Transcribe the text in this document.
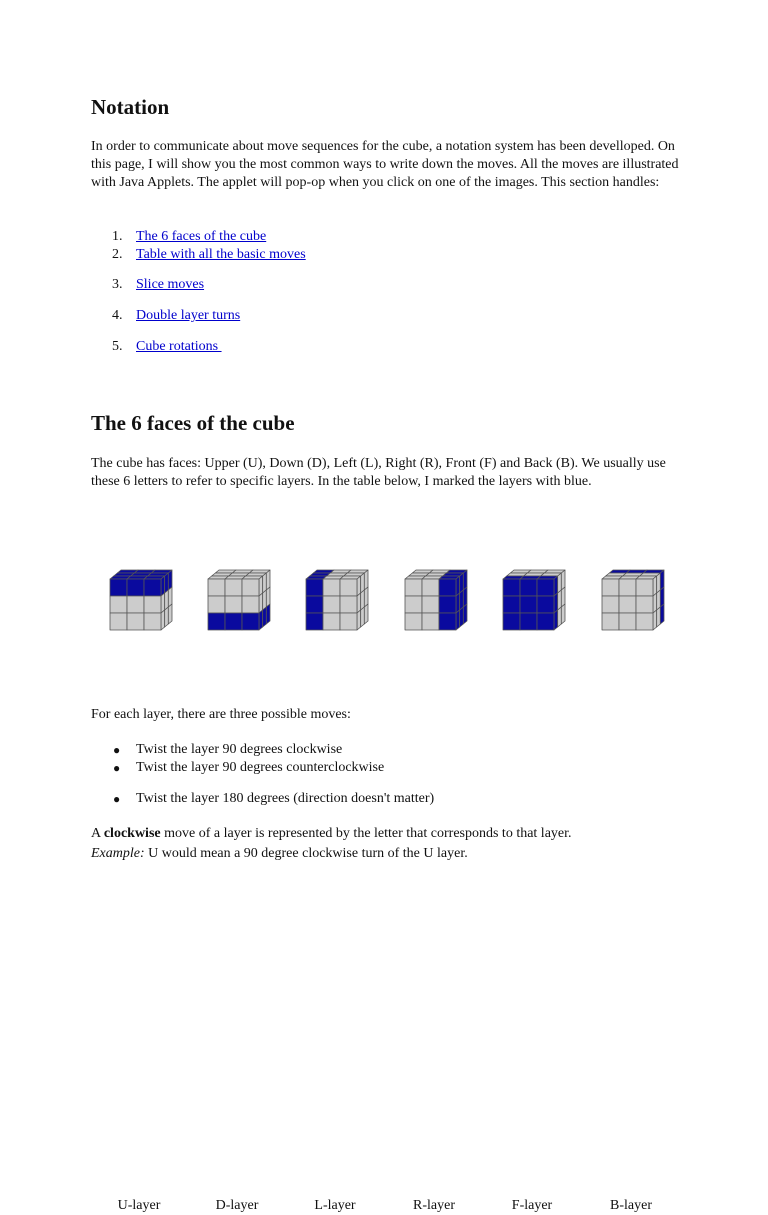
Notation

In order to communicate about move sequences for the cube, a notation system has been develloped. On this page, I will show you the most common ways to write down the moves. All the moves are illustrated with Java Applets. The applet will pop-op when you click on one of the images. This section handles:

1. The 6 faces of the cube
2. Table with all the basic moves
3. Slice moves
4. Double layer turns
5. Cube rotations
The 6 faces of the cube

The cube has faces: Upper (U), Down (D), Left (L), Right (R), Front (F) and Back (B). We usually use these 6 letters to refer to specific layers. In the table below, I marked the layers with blue.

U-layer	D-layer	L-layer	R-layer	F-layer	B-layer

For each layer, there are three possible moves:

● Twist the layer 90 degrees clockwise
● Twist the layer 90 degrees counterclockwise
● Twist the layer 180 degrees (direction doesn't matter)

A clockwise move of a layer is represented by the letter that corresponds to that layer.

Example: U would mean a 90 degree clockwise turn of the U layer.
